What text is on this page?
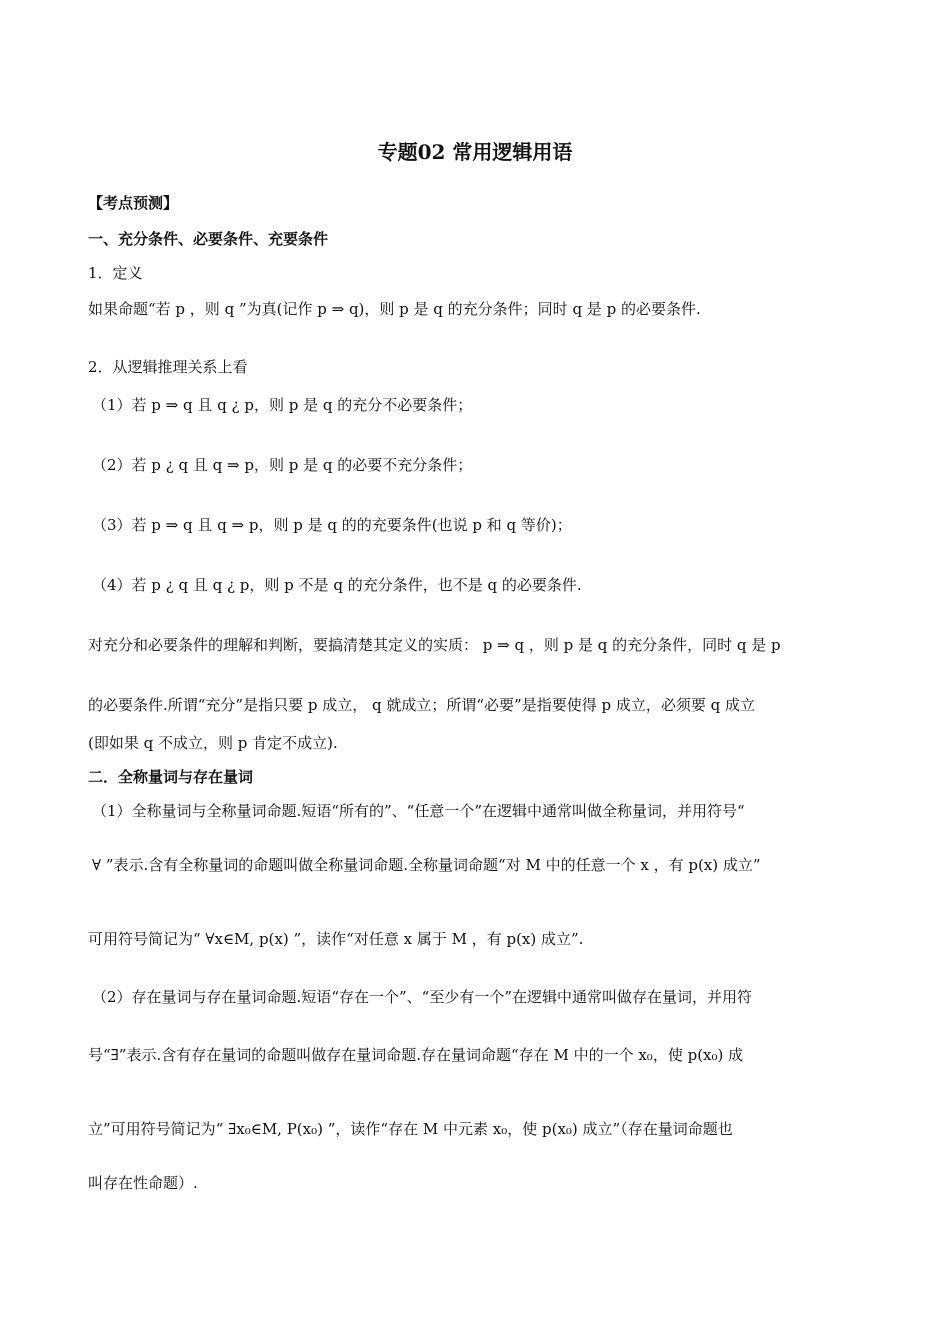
专题02 常用逻辑用语
【考点预测】
一、充分条件、必要条件、充要条件
1．定义
如果命题“若 p ，则 q ”为真(记作 p ⇒ q)，则 p 是 q 的充分条件；同时 q 是 p 的必要条件.
2．从逻辑推理关系上看
（1）若 p ⇒ q 且 q ¿ p，则 p 是 q 的充分不必要条件；
（2）若 p ¿ q 且 q ⇒ p，则 p 是 q 的必要不充分条件；
（3）若 p ⇒ q 且 q ⇒ p，则 p 是 q 的的充要条件(也说 p 和 q 等价)；
（4）若 p ¿ q 且 q ¿ p，则 p 不是 q 的充分条件，也不是 q 的必要条件.
对充分和必要条件的理解和判断，要搞清楚其定义的实质： p ⇒ q ，则 p 是 q 的充分条件，同时 q 是 p
的必要条件.所谓“充分”是指只要 p 成立， q 就成立；所谓“必要”是指要使得 p 成立，必须要 q 成立
(即如果 q 不成立，则 p 肯定不成立).
二．全称量词与存在量词
（1）全称量词与全称量词命题.短语“所有的”、“任意一个”在逻辑中通常叫做全称量词，并用符号“
∀ ”表示.含有全称量词的命题叫做全称量词命题.全称量词命题“对 M 中的任意一个 x ，有 p(x) 成立”
可用符号简记为“ ∀x∈M, p(x) ”，读作“对任意 x 属于 M ，有 p(x) 成立”.
（2）存在量词与存在量词命题.短语“存在一个”、“至少有一个”在逻辑中通常叫做存在量词，并用符
号“∃”表示.含有存在量词的命题叫做存在量词命题.存在量词命题“存在 M 中的一个 x₀，使 p(x₀) 成
立”可用符号简记为“ ∃x₀∈M, P(x₀) ”，读作“存在 M 中元素 x₀，使 p(x₀) 成立”（存在量词命题也
叫存在性命题）.
